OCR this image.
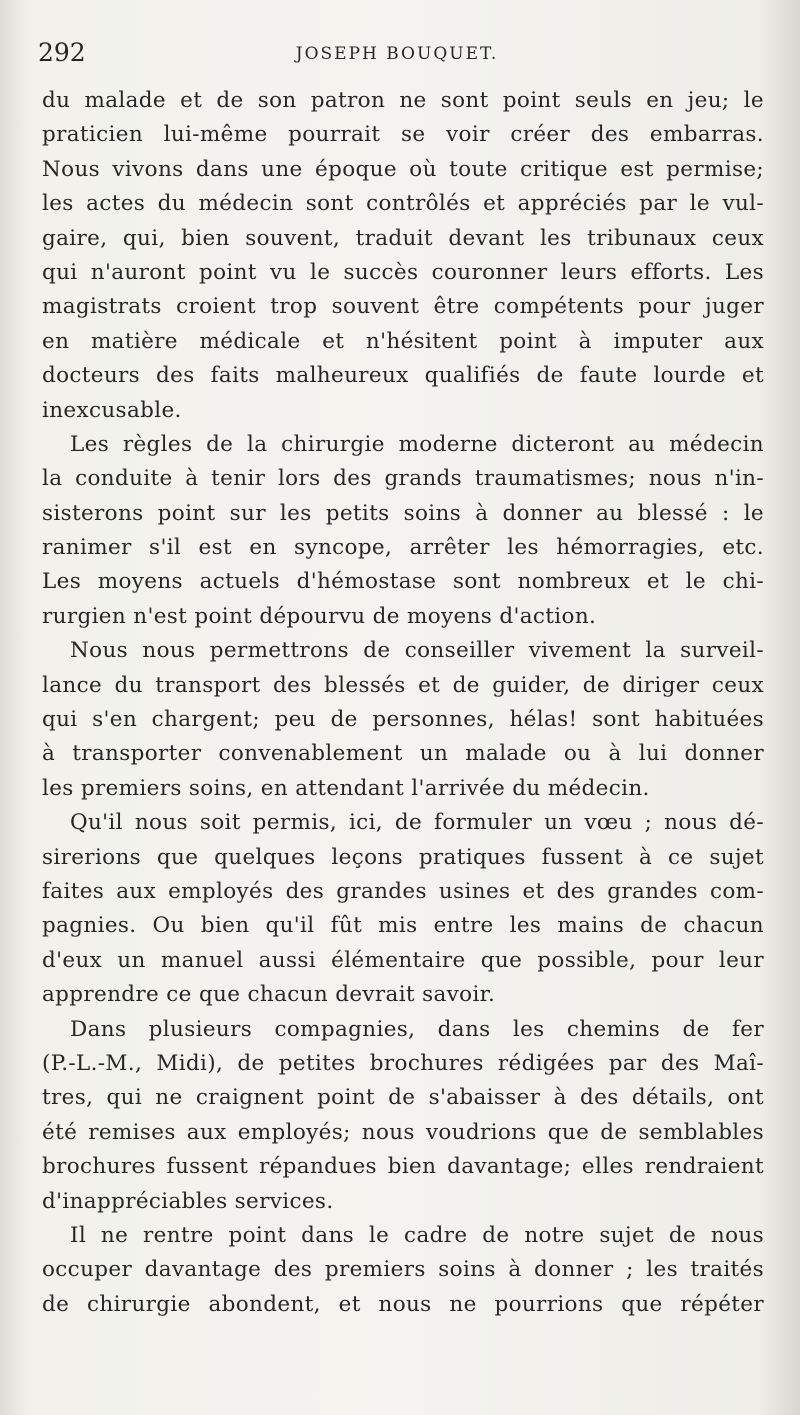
292	JOSEPH BOUQUET.
du malade et de son patron ne sont point seuls en jeu; le
praticien lui-même pourrait se voir créer des embarras.
Nous vivons dans une époque où toute critique est permise;
les actes du médecin sont contrôlés et appréciés par le vul-
gaire, qui, bien souvent, traduit devant les tribunaux ceux
qui n'auront point vu le succès couronner leurs efforts. Les
magistrats croient trop souvent être compétents pour juger
en matière médicale et n'hésitent point à imputer aux
docteurs des faits malheureux qualifiés de faute lourde et
inexcusable.
Les règles de la chirurgie moderne dicteront au médecin
la conduite à tenir lors des grands traumatismes; nous n'in-
sisterons point sur les petits soins à donner au blessé : le
ranimer s'il est en syncope, arrêter les hémorragies, etc.
Les moyens actuels d'hémostase sont nombreux et le chi-
rurgien n'est point dépourvu de moyens d'action.
Nous nous permettrons de conseiller vivement la surveil-
lance du transport des blessés et de guider, de diriger ceux
qui s'en chargent; peu de personnes, hélas! sont habituées
à transporter convenablement un malade ou à lui donner
les premiers soins, en attendant l'arrivée du médecin.
Qu'il nous soit permis, ici, de formuler un vœu ; nous dé-
sirerions que quelques leçons pratiques fussent à ce sujet
faites aux employés des grandes usines et des grandes com-
pagnies. Ou bien qu'il fût mis entre les mains de chacun
d'eux un manuel aussi élémentaire que possible, pour leur
apprendre ce que chacun devrait savoir.
Dans plusieurs compagnies, dans les chemins de fer
(P.-L.-M., Midi), de petites brochures rédigées par des Maî-
tres, qui ne craignent point de s'abaisser à des détails, ont
été remises aux employés; nous voudrions que de semblables
brochures fussent répandues bien davantage; elles rendraient
d'inappréciables services.
Il ne rentre point dans le cadre de notre sujet de nous
occuper davantage des premiers soins à donner ; les traités
de chirurgie abondent, et nous ne pourrions que répéter
